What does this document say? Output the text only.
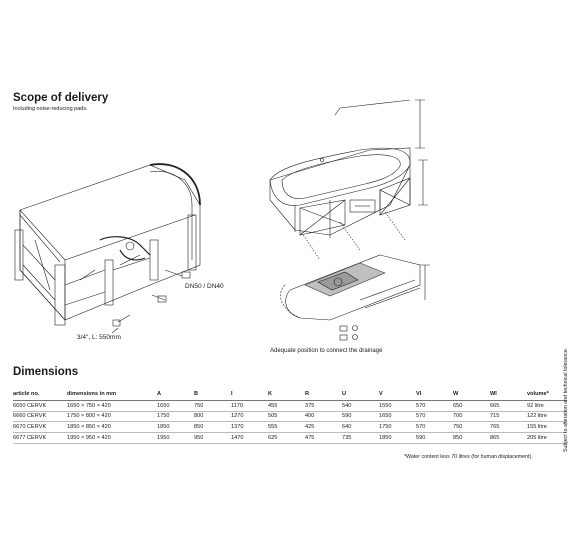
Scope of delivery
Including noise-reducing pads.
DN50 / DN40
3/4", L: 550mm
Adequate position to connect the drainage
Dimensions
article no.	dimensions in mm	A	B	I	K	R	U	V	VI	W	WI	volume*
6650 CERVK	1650 × 750 × 420	1650	750	1170	455	375	540	1550	570	650	665	92 litre
6660 CERVK	1750 × 800 × 420	1750	800	1270	505	400	590	1650	570	700	715	122 litre
6670 CERVK	1850 × 850 × 420	1850	850	1370	555	425	640	1750	570	750	765	155 litre
6677 CERVK	1950 × 950 × 420	1950	950	1470	625	475	735	1850	590	850	865	205 litre
*Water content less 70 litres (for human displacement).
Subject to alteration and technical tolerance.
